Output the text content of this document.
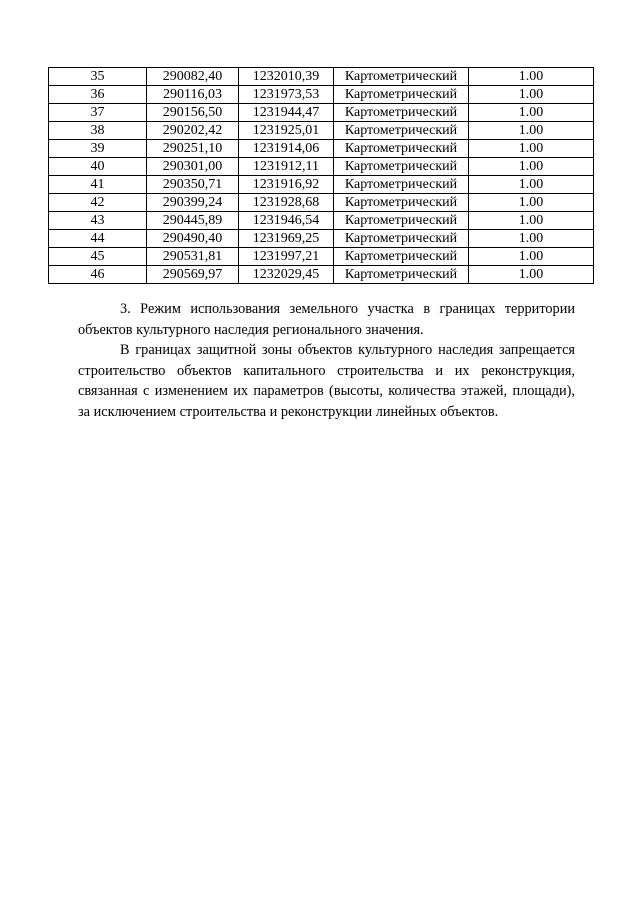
35	290082,40	1232010,39	Картометрический	1.00
36	290116,03	1231973,53	Картометрический	1.00
37	290156,50	1231944,47	Картометрический	1.00
38	290202,42	1231925,01	Картометрический	1.00
39	290251,10	1231914,06	Картометрический	1.00
40	290301,00	1231912,11	Картометрический	1.00
41	290350,71	1231916,92	Картометрический	1.00
42	290399,24	1231928,68	Картометрический	1.00
43	290445,89	1231946,54	Картометрический	1.00
44	290490,40	1231969,25	Картометрический	1.00
45	290531,81	1231997,21	Картометрический	1.00
46	290569,97	1232029,45	Картометрический	1.00

3. Режим использования земельного участка в границах территории объектов культурного наследия регионального значения.

В границах защитной зоны объектов культурного наследия запрещается строительство объектов капитального строительства и их реконструкция, связанная с изменением их параметров (высоты, количества этажей, площади), за исключением строительства и реконструкции линейных объектов.
